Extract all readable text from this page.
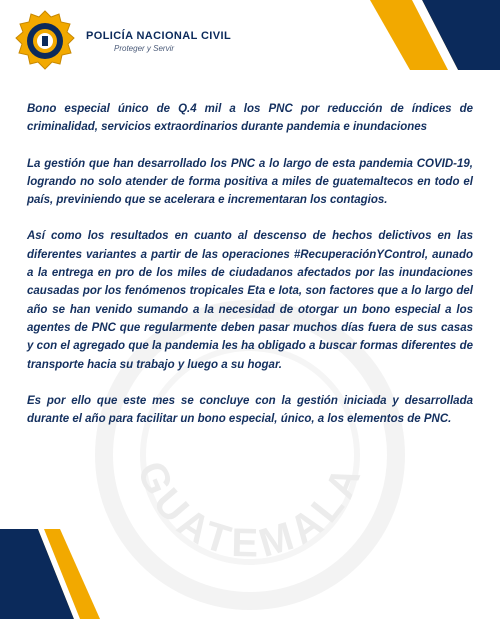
GUATEMALA
POLICÍA NACIONAL CIVIL
Proteger y Servir

Bono especial único de Q.4 mil a los PNC por reducción de índices de criminalidad, servicios extraordinarios durante pandemia e inundaciones

La gestión que han desarrollado los PNC a lo largo de esta pandemia COVID-19, logrando no solo atender de forma positiva a miles de guatemaltecos en todo el país, previniendo que se acelerara e incrementaran los contagios.

Así como los resultados en cuanto al descenso de hechos delictivos en las diferentes variantes a partir de las operaciones #RecuperaciónYControl, aunado a la entrega en pro de los miles de ciudadanos afectados por las inundaciones causadas por los fenómenos tropicales Eta e Iota, son factores que a lo largo del año se han venido sumando a la necesidad de otorgar un bono especial a los agentes de PNC que regularmente deben pasar muchos días fuera de sus casas y con el agregado que la pandemia les ha obligado a buscar formas diferentes de transporte hacia su trabajo y luego a su hogar.

Es por ello que este mes se concluye con la gestión iniciada y desarrollada durante el año para facilitar un bono especial, único, a los elementos de PNC.
